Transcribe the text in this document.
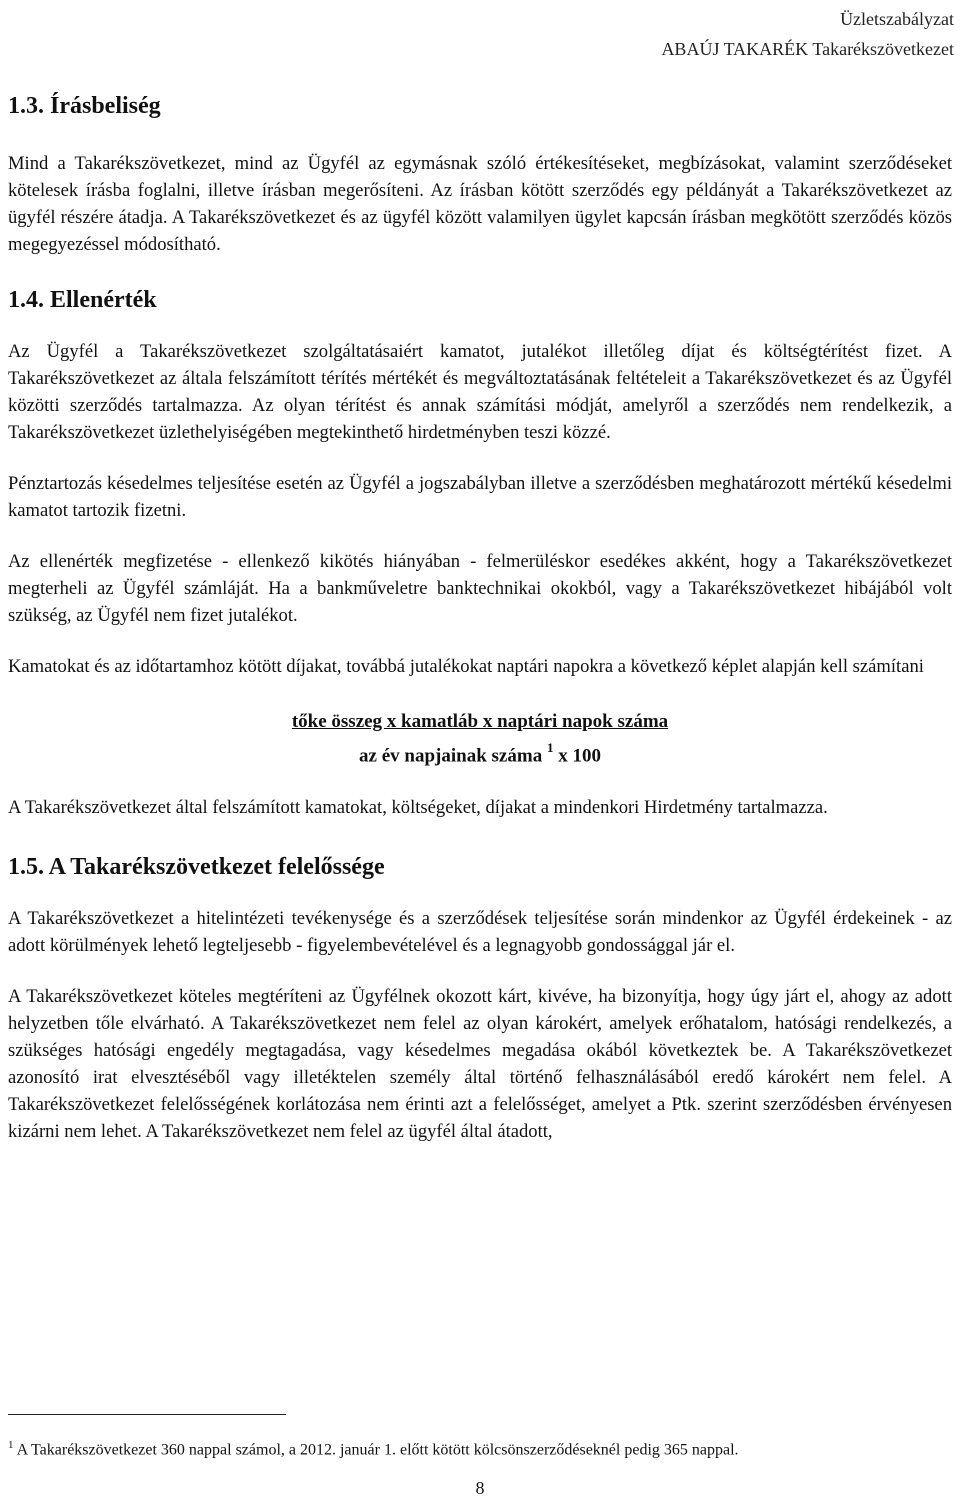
Üzletszabályzat
ABAÚJ TAKARÉK Takarékszövetkezet
1.3. Írásbeliség
Mind a Takarékszövetkezet, mind az Ügyfél az egymásnak szóló értékesítéseket, megbízásokat, valamint szerződéseket kötelesek írásba foglalni, illetve írásban megerősíteni. Az írásban kötött szerződés egy példányát a Takarékszövetkezet az ügyfél részére átadja. A Takarékszövetkezet és az ügyfél között valamilyen ügylet kapcsán írásban megkötött szerződés közös megegyezéssel módosítható.
1.4. Ellenérték
Az Ügyfél a Takarékszövetkezet szolgáltatásaiért kamatot, jutalékot illetőleg díjat és költségtérítést fizet. A Takarékszövetkezet az általa felszámított térítés mértékét és megváltoztatásának feltételeit a Takarékszövetkezet és az Ügyfél közötti szerződés tartalmazza. Az olyan térítést és annak számítási módját, amelyről a szerződés nem rendelkezik, a Takarékszövetkezet üzlethelyiségében megtekinthető hirdetményben teszi közzé.
Pénztartozás késedelmes teljesítése esetén az Ügyfél a jogszabályban illetve a szerződésben meghatározott mértékű késedelmi kamatot tartozik fizetni.
Az ellenérték megfizetése - ellenkező kikötés hiányában - felmerüléskor esedékes akként, hogy a Takarékszövetkezet megterheli az Ügyfél számláját. Ha a bankműveletre banktechnikai okokból, vagy a Takarékszövetkezet hibájából volt szükség, az Ügyfél nem fizet jutalékot.
Kamatokat és az időtartamhoz kötött díjakat, továbbá jutalékokat naptári napokra a következő képlet alapján kell számítani
tőke összeg x kamatláb x naptári napok száma
az év napjainak száma $^1$ x 100
A Takarékszövetkezet által felszámított kamatokat, költségeket, díjakat a mindenkori Hirdetmény tartalmazza.
1.5. A Takarékszövetkezet felelőssége
A Takarékszövetkezet a hitelintézeti tevékenysége és a szerződések teljesítése során mindenkor az Ügyfél érdekeinek - az adott körülmények lehető legteljesebb - figyelembevételével és a legnagyobb gondossággal jár el.
A Takarékszövetkezet köteles megtéríteni az Ügyfélnek okozott kárt, kivéve, ha bizonyítja, hogy úgy járt el, ahogy az adott helyzetben tőle elvárható. A Takarékszövetkezet nem felel az olyan károkért, amelyek erőhatalom, hatósági rendelkezés, a szükséges hatósági engedély megtagadása, vagy késedelmes megadása okából következtek be. A Takarékszövetkezet azonosító irat elvesztéséből vagy illetéktelen személy által történő felhasználásából eredő károkért nem felel. A Takarékszövetkezet felelősségének korlátozása nem érinti azt a felelősséget, amelyet a Ptk. szerint szerződésben érvényesen kizárni nem lehet. A Takarékszövetkezet nem felel az ügyfél által átadott,
$^1$ A Takarékszövetkezet 360 nappal számol, a 2012. január 1. előtt kötött kölcsönszerződéseknél pedig 365 nappal.
8
